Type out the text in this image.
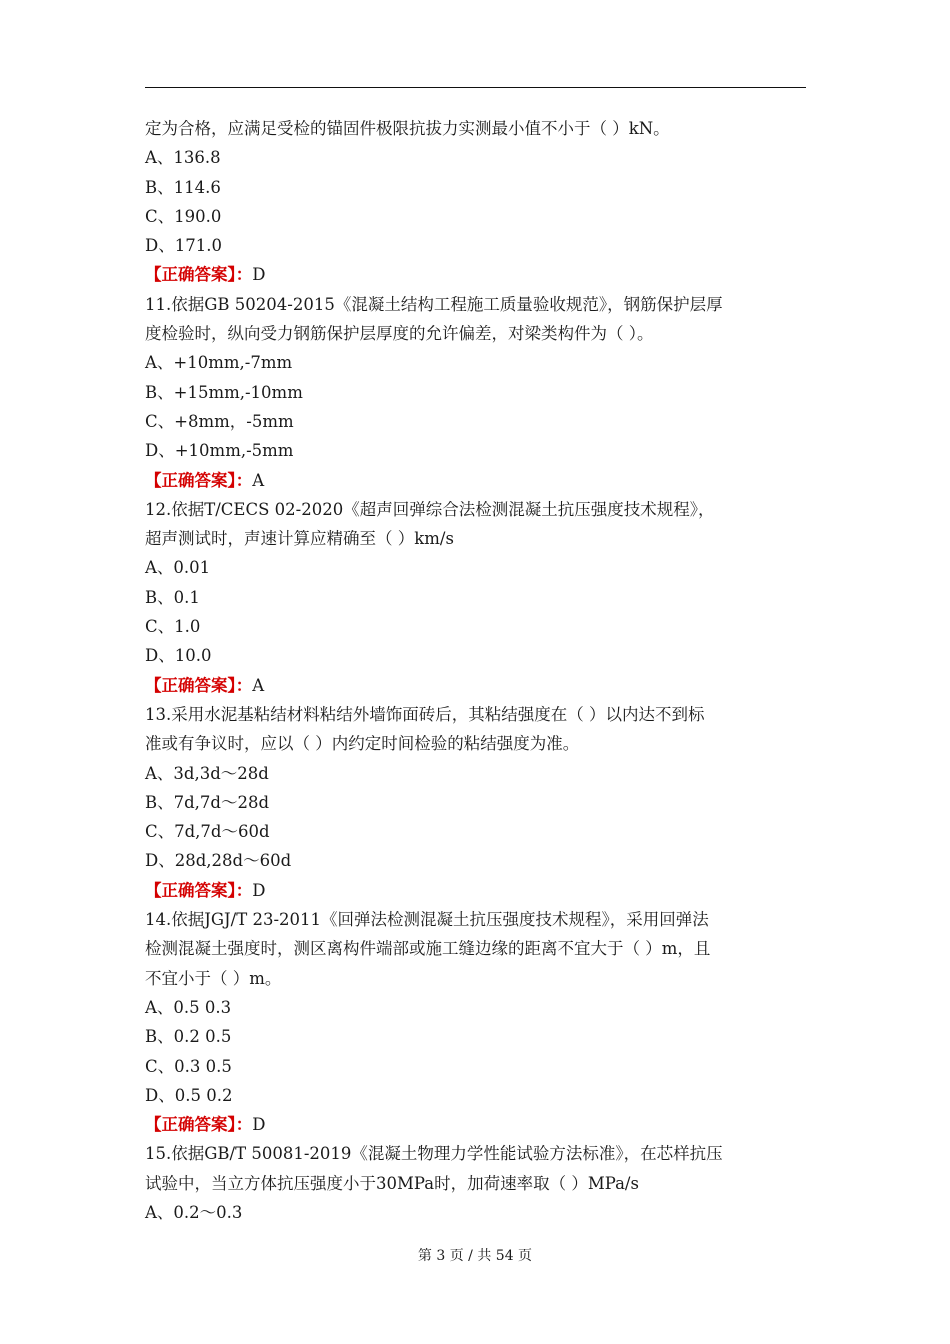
定为合格，应满足受检的锚固件极限抗拔力实测最小值不小于（ ）kN。
A、136.8
B、114.6
C、190.0
D、171.0
【正确答案】：D
11.依据GB 50204-2015《混凝土结构工程施工质量验收规范》，钢筋保护层厚
度检验时，纵向受力钢筋保护层厚度的允许偏差，对梁类构件为（ ）。
A、+10mm,-7mm
B、+15mm,-10mm
C、+8mm，-5mm
D、+10mm,-5mm
【正确答案】：A
12.依据T/CECS 02-2020《超声回弹综合法检测混凝土抗压强度技术规程》，
超声测试时，声速计算应精确至（ ）km/s
A、0.01
B、0.1
C、1.0
D、10.0
【正确答案】：A
13.采用水泥基粘结材料粘结外墙饰面砖后，其粘结强度在（ ）以内达不到标
准或有争议时，应以（ ）内约定时间检验的粘结强度为准。
A、3d,3d～28d
B、7d,7d～28d
C、7d,7d～60d
D、28d,28d～60d
【正确答案】：D
14.依据JGJ/T 23-2011《回弹法检测混凝土抗压强度技术规程》，采用回弹法
检测混凝土强度时，测区离构件端部或施工缝边缘的距离不宜大于（ ）m，且
不宜小于（ ）m。
A、0.5 0.3
B、0.2 0.5
C、0.3 0.5
D、0.5 0.2
【正确答案】：D
15.依据GB/T 50081-2019《混凝土物理力学性能试验方法标准》，在芯样抗压
试验中，当立方体抗压强度小于30MPa时，加荷速率取（ ）MPa/s
A、0.2～0.3
第 3 页 / 共 54 页
